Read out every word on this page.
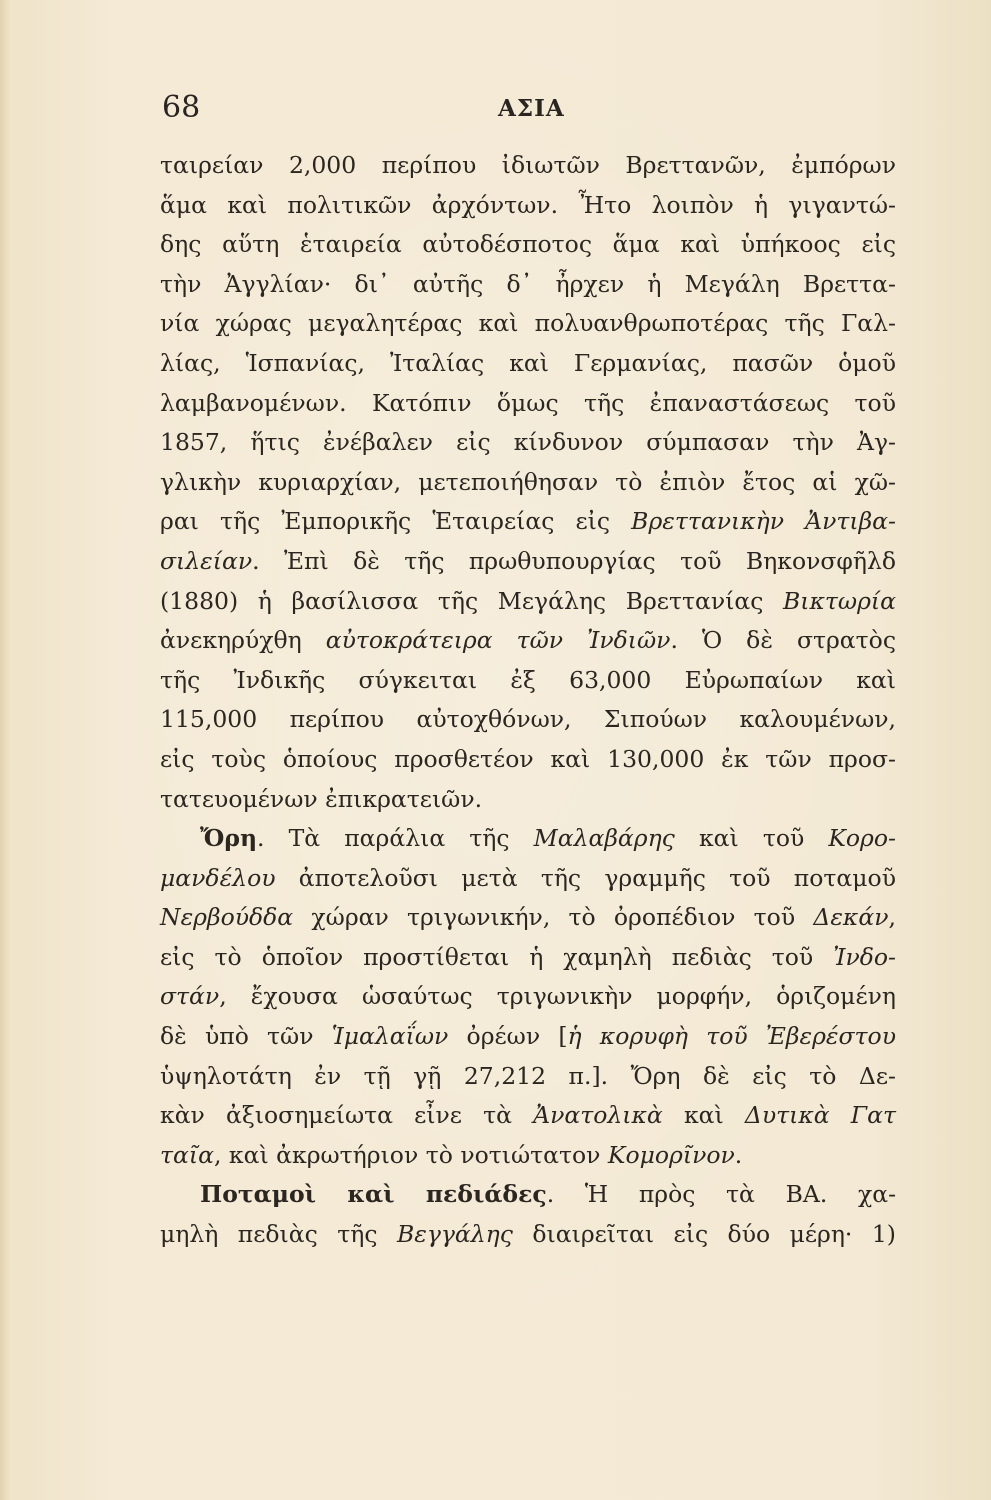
68	ΑΣΙΑ
ταιρείαν 2,000 περίπου ἰδιωτῶν Βρεττανῶν, ἐμπόρων
ἅμα καὶ πολιτικῶν ἀρχόντων. Ἦτο λοιπὸν ἡ γιγαντώ-
δης αὕτη ἑταιρεία αὐτοδέσποτος ἅμα καὶ ὑπήκοος εἰς
τὴν Ἀγγλίαν· δι᾽ αὐτῆς δ᾽ ἦρχεν ἡ Μεγάλη Βρεττα-
νία χώρας μεγαλητέρας καὶ πολυανθρωποτέρας τῆς Γαλ-
λίας, Ἱσπανίας, Ἰταλίας καὶ Γερμανίας, πασῶν ὁμοῦ
λαμβανομένων. Κατόπιν ὅμως τῆς ἐπαναστάσεως τοῦ
1857, ἥτις ἐνέβαλεν εἰς κίνδυνον σύμπασαν τὴν Ἀγ-
γλικὴν κυριαρχίαν, μετεποιήθησαν τὸ ἐπιὸν ἔτος αἱ χῶ-
ραι τῆς Ἐμπορικῆς Ἑταιρείας εἰς Βρεττανικὴν Ἀντιβα-
σιλείαν. Ἐπὶ δὲ τῆς πρωθυπουργίας τοῦ Βηκονσφῆλδ
(1880) ἡ βασίλισσα τῆς Μεγάλης Βρεττανίας Βικτωρία
ἀνεκηρύχθη αὐτοκράτειρα τῶν Ἰνδιῶν. Ὁ δὲ στρατὸς
τῆς Ἰνδικῆς σύγκειται ἐξ 63,000 Εὐρωπαίων καὶ
115,000 περίπου αὐτοχθόνων, Σιπούων καλουμένων,
εἰς τοὺς ὁποίους προσθετέον καὶ 130,000 ἐκ τῶν προσ-
τατευομένων ἐπικρατειῶν.
Ὄρη. Τὰ παράλια τῆς Μαλαβάρης καὶ τοῦ Κορο-
μανδέλου ἀποτελοῦσι μετὰ τῆς γραμμῆς τοῦ ποταμοῦ
Νερβούδδα χώραν τριγωνικήν, τὸ ὀροπέδιον τοῦ Δεκάν,
εἰς τὸ ὁποῖον προστίθεται ἡ χαμηλὴ πεδιὰς τοῦ Ἰνδο-
στάν, ἔχουσα ὡσαύτως τριγωνικὴν μορφήν, ὁριζομένη
δὲ ὑπὸ τῶν Ἱμαλαΐων ὀρέων [ἡ κορυφὴ τοῦ Ἐβερέστου
ὑψηλοτάτη ἐν τῇ γῇ 27,212 π.]. Ὄρη δὲ εἰς τὸ Δε-
κὰν ἀξιοσημείωτα εἶνε τὰ Ἀνατολικὰ καὶ Δυτικὰ Γατ
ταῖα, καὶ ἀκρωτήριον τὸ νοτιώτατον Κομορῖνον.
Ποταμοὶ καὶ πεδιάδες. Ἡ πρὸς τὰ ΒΑ. χα-
μηλὴ πεδιὰς τῆς Βεγγάλης διαιρεῖται εἰς δύο μέρη· 1)
